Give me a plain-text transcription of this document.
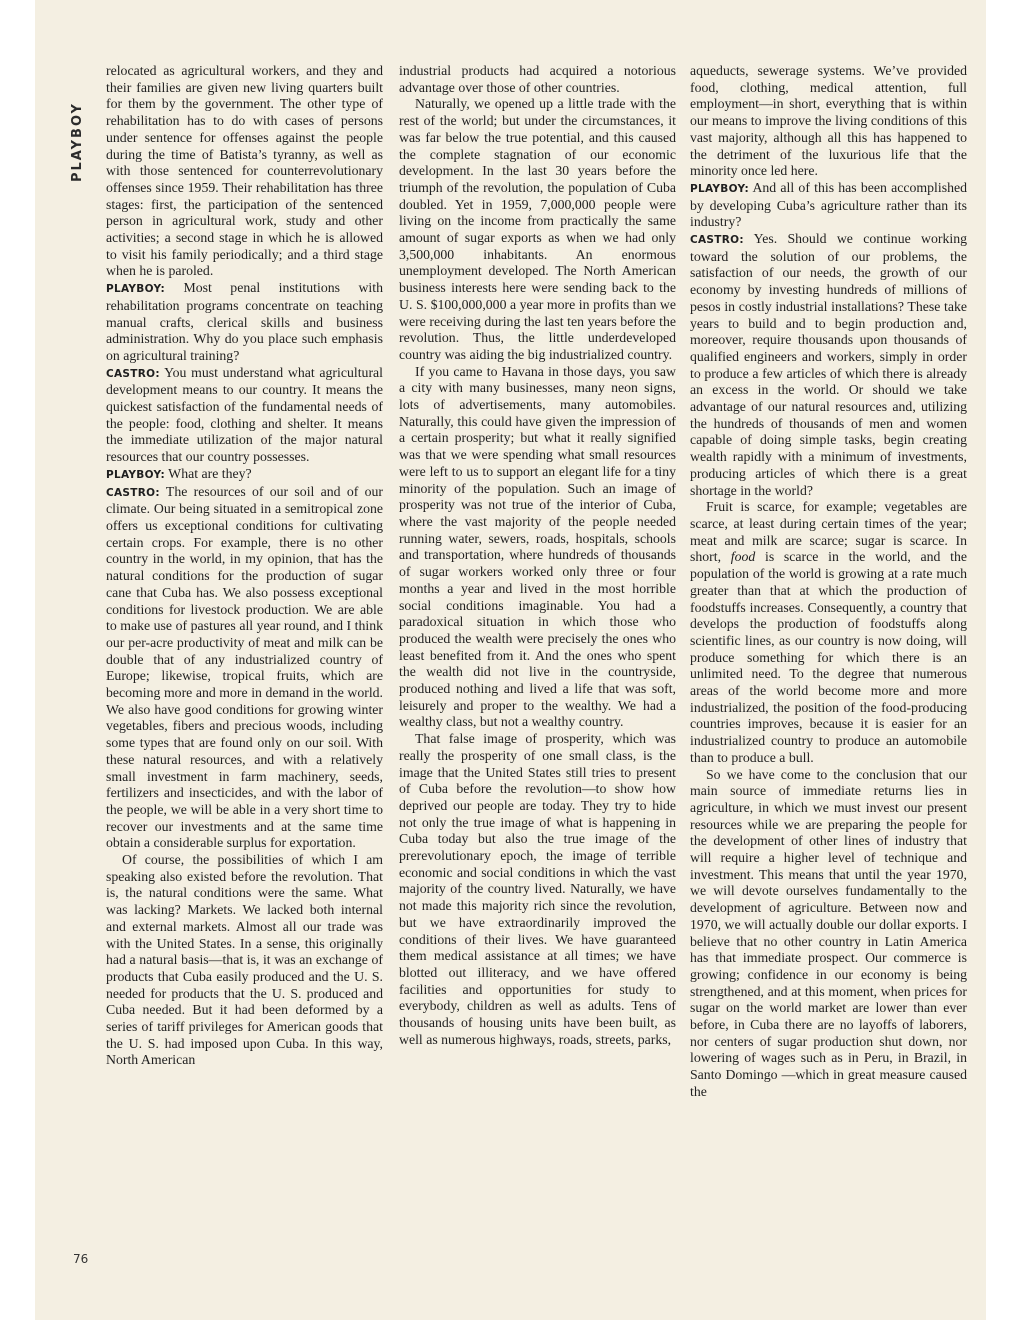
PLAYBOY
76

relocated as agricultural workers, and they and their families are given new living quarters built for them by the government. The other type of rehabilitation has to do with cases of persons under sentence for offenses against the people during the time of Batista’s tyranny, as well as with those sentenced for counterrevolutionary offenses since 1959. Their rehabilitation has three stages: first, the participation of the sentenced person in agricultural work, study and other activities; a second stage in which he is allowed to visit his family periodically; and a third stage when he is paroled.

PLAYBOY: Most penal institutions with rehabilitation programs concentrate on teaching manual crafts, clerical skills and business administration. Why do you place such emphasis on agricultural training?

CASTRO: You must understand what agricultural development means to our country. It means the quickest satisfaction of the fundamental needs of the people: food, clothing and shelter. It means the immediate utilization of the major natural resources that our country possesses.

PLAYBOY: What are they?

CASTRO: The resources of our soil and of our climate. Our being situated in a semitropical zone offers us exceptional conditions for cultivating certain crops. For example, there is no other country in the world, in my opinion, that has the natural conditions for the production of sugar cane that Cuba has. We also possess exceptional conditions for livestock production. We are able to make use of pastures all year round, and I think our per-acre productivity of meat and milk can be double that of any industrialized country of Europe; likewise, tropical fruits, which are becoming more and more in demand in the world. We also have good conditions for growing winter vegetables, fibers and precious woods, including some types that are found only on our soil. With these natural resources, and with a relatively small investment in farm machinery, seeds, fertilizers and insecticides, and with the labor of the people, we will be able in a very short time to recover our investments and at the same time obtain a considerable surplus for exportation.

Of course, the possibilities of which I am speaking also existed before the revolution. That is, the natural conditions were the same. What was lacking? Markets. We lacked both internal and external markets. Almost all our trade was with the United States. In a sense, this originally had a natural basis—that is, it was an exchange of products that Cuba easily produced and the U. S. needed for products that the U. S. produced and Cuba needed. But it had been deformed by a series of tariff privileges for American goods that the U. S. had imposed upon Cuba. In this way, North American

industrial products had acquired a notorious advantage over those of other countries.

Naturally, we opened up a little trade with the rest of the world; but under the circumstances, it was far below the true potential, and this caused the complete stagnation of our economic development. In the last 30 years before the triumph of the revolution, the population of Cuba doubled. Yet in 1959, 7,000,000 people were living on the income from practically the same amount of sugar exports as when we had only 3,500,000 inhabitants. An enormous unemployment developed. The North American business interests here were sending back to the U. S. $100,000,000 a year more in profits than we were receiving during the last ten years before the revolution. Thus, the little underdeveloped country was aiding the big industrialized country.

If you came to Havana in those days, you saw a city with many businesses, many neon signs, lots of advertisements, many automobiles. Naturally, this could have given the impression of a certain prosperity; but what it really signified was that we were spending what small resources were left to us to support an elegant life for a tiny minority of the population. Such an image of prosperity was not true of the interior of Cuba, where the vast majority of the people needed running water, sewers, roads, hospitals, schools and transportation, where hundreds of thousands of sugar workers worked only three or four months a year and lived in the most horrible social conditions imaginable. You had a paradoxical situation in which those who produced the wealth were precisely the ones who least benefited from it. And the ones who spent the wealth did not live in the countryside, produced nothing and lived a life that was soft, leisurely and proper to the wealthy. We had a wealthy class, but not a wealthy country.

That false image of prosperity, which was really the prosperity of one small class, is the image that the United States still tries to present of Cuba before the revolution—to show how deprived our people are today. They try to hide not only the true image of what is happening in Cuba today but also the true image of the prerevolutionary epoch, the image of terrible economic and social conditions in which the vast majority of the country lived. Naturally, we have not made this majority rich since the revolution, but we have extraordinarily improved the conditions of their lives. We have guaranteed them medical assistance at all times; we have blotted out illiteracy, and we have offered facilities and opportunities for study to everybody, children as well as adults. Tens of thousands of housing units have been built, as well as numerous highways, roads, streets, parks,

aqueducts, sewerage systems. We’ve provided food, clothing, medical attention, full employment—in short, everything that is within our means to improve the living conditions of this vast majority, although all this has happened to the detriment of the luxurious life that the minority once led here.

PLAYBOY: And all of this has been accomplished by developing Cuba’s agriculture rather than its industry?

CASTRO: Yes. Should we continue working toward the solution of our problems, the satisfaction of our needs, the growth of our economy by investing hundreds of millions of pesos in costly industrial installations? These take years to build and to begin production and, moreover, require thousands upon thousands of qualified engineers and workers, simply in order to produce a few articles of which there is already an excess in the world. Or should we take advantage of our natural resources and, utilizing the hundreds of thousands of men and women capable of doing simple tasks, begin creating wealth rapidly with a minimum of investments, producing articles of which there is a great shortage in the world?

Fruit is scarce, for example; vegetables are scarce, at least during certain times of the year; meat and milk are scarce; sugar is scarce. In short, food is scarce in the world, and the population of the world is growing at a rate much greater than that at which the production of foodstuffs increases. Consequently, a country that develops the production of foodstuffs along scientific lines, as our country is now doing, will produce something for which there is an unlimited need. To the degree that numerous areas of the world become more and more industrialized, the position of the food-producing countries improves, because it is easier for an industrialized country to produce an automobile than to produce a bull.

So we have come to the conclusion that our main source of immediate returns lies in agriculture, in which we must invest our present resources while we are preparing the people for the development of other lines of industry that will require a higher level of technique and investment. This means that until the year 1970, we will devote ourselves fundamentally to the development of agriculture. Between now and 1970, we will actually double our dollar exports. I believe that no other country in Latin America has that immediate prospect. Our commerce is growing; confidence in our economy is being strengthened, and at this moment, when prices for sugar on the world market are lower than ever before, in Cuba there are no layoffs of laborers, nor centers of sugar production shut down, nor lowering of wages such as in Peru, in Brazil, in Santo Domingo —which in great measure caused the
